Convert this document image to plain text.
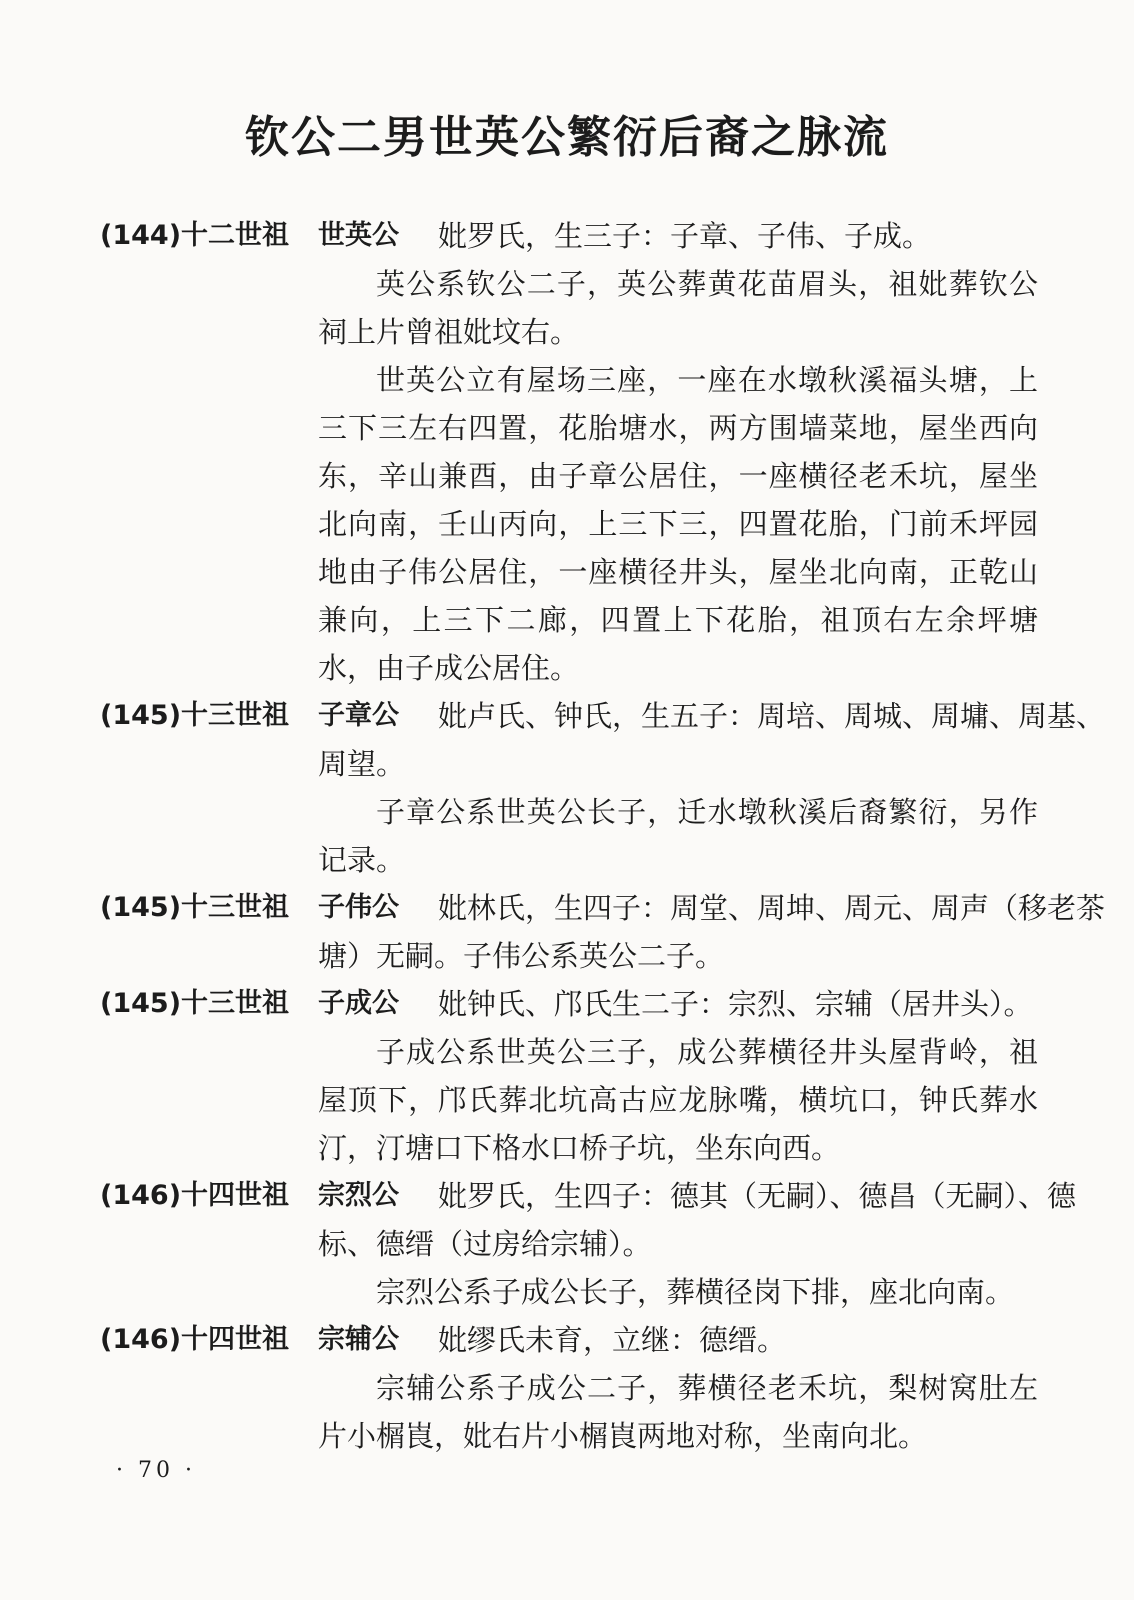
钦公二男世英公繁衍后裔之脉流
(144)十二世祖 世英公 妣罗氏，生三子：子章、子伟、子成。

英公系钦公二子，英公葬黄花苗眉头，祖妣葬钦公祠上片曾祖妣坟右。

世英公立有屋场三座，一座在水墩秋溪福头塘，上三下三左右四置，花胎塘水，两方围墙菜地，屋坐西向东，辛山兼酉，由子章公居住，一座横径老禾坑，屋坐北向南，壬山丙向，上三下三，四置花胎，门前禾坪园地由子伟公居住，一座横径井头，屋坐北向南，正乾山兼向，上三下二廊，四置上下花胎，祖顶右左余坪塘水，由子成公居住。

(145)十三世祖 子章公 妣卢氏、钟氏，生五子：周培、周城、周墉、周基、

周望。

子章公系世英公长子，迁水墩秋溪后裔繁衍，另作记录。

(145)十三世祖 子伟公 妣林氏，生四子：周堂、周坤、周元、周声（移老茶

塘）无嗣。子伟公系英公二子。

(145)十三世祖 子成公 妣钟氏、邝氏生二子：宗烈、宗辅（居井头）。

子成公系世英公三子，成公葬横径井头屋背岭，祖屋顶下，邝氏葬北坑高古应龙脉嘴，横坑口，钟氏葬水汀，汀塘口下格水口桥子坑，坐东向西。

(146)十四世祖 宗烈公 妣罗氏，生四子：德其（无嗣）、德昌（无嗣）、德

标、德缙（过房给宗辅）。

宗烈公系子成公长子，葬横径岗下排，座北向南。

(146)十四世祖 宗辅公 妣缪氏未育，立继：德缙。

宗辅公系子成公二子，葬横径老禾坑，梨树窝肚左片小榍崀，妣右片小榍崀两地对称，坐南向北。

· 70 ·
